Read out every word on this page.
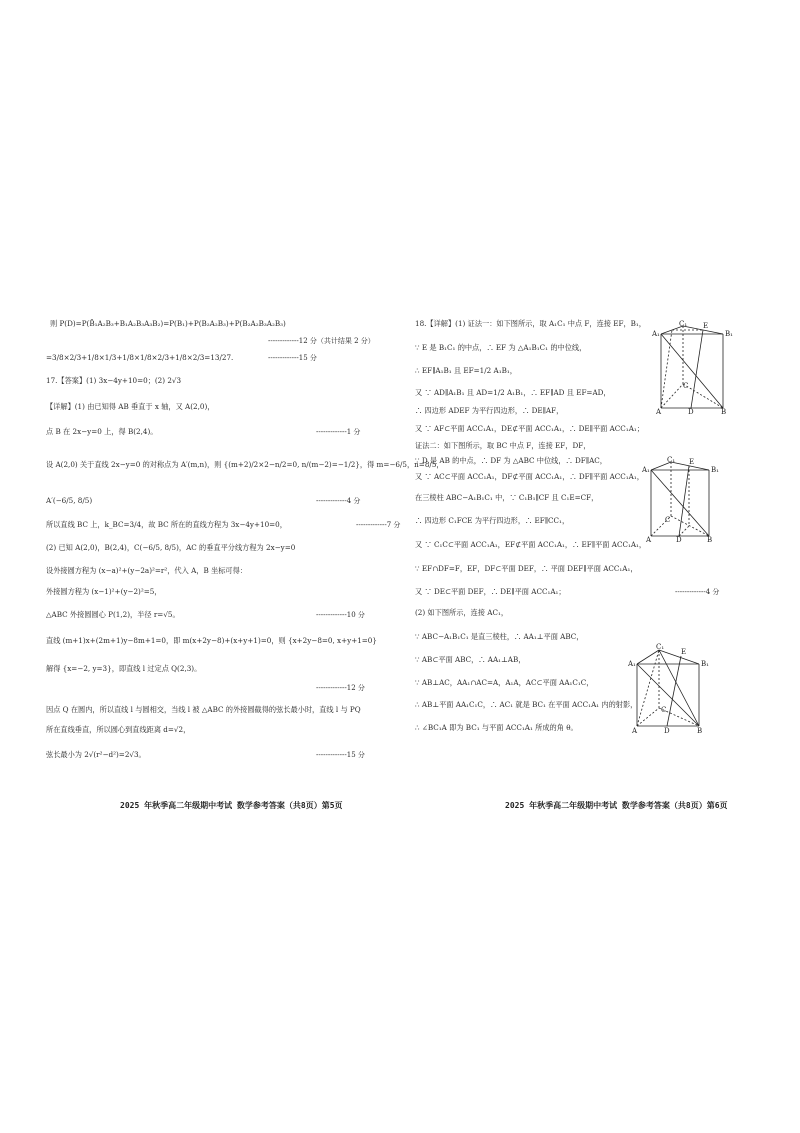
则 P(D)=P(B̄₁A₂B₃+B₁A₂B₃A₃B₂)=P(B₁)+P(B₂A₂B₃)+P(B₂A₂B₃A₂B₃)
-------------12 分（共计结果 2 分）
=3/8×2/3+1/8×1/3+1/8×1/8×2/3+1/8×2/3=13/27.	-------------15 分
17.【答案】(1) 3x−4y+10=0；(2) 2√3
【详解】(1) 由已知得 AB 垂直于 x 轴，又 A(2,0)，
点 B 在 2x−y=0 上，得 B(2,4)。	-------------1 分
设 A(2,0) 关于直线 2x−y=0 的对称点为 A′(m,n)，则 {(m+2)/2×2−n/2=0, n/(m−2)=−1/2}，得 m=−6/5，n=8/5，
A′(−6/5, 8/5)	-------------4 分
所以直线 BC 上，k_BC=3/4，故 BC 所在的直线方程为 3x−4y+10=0，	-------------7 分
(2) 已知 A(2,0)，B(2,4)，C(−6/5, 8/5)，AC 的垂直平分线方程为 2x−y=0
设外接圆方程为 (x−a)²+(y−2a)²=r²，代入 A，B 坐标可得：
外接圆方程为 (x−1)²+(y−2)²=5，
△ABC 外接圆圆心 P(1,2)，半径 r=√5。	-------------10 分
直线 (m+1)x+(2m+1)y−8m+1=0，即 m(x+2y−8)+(x+y+1)=0，则 {x+2y−8=0, x+y+1=0}
解得 {x=−2, y=3}，即直线 l 过定点 Q(2,3)。
-------------12 分
因点 Q 在圆内，所以直线 l 与圆相交，当线 l 被 △ABC 的外接圆截得的弦长最小时，直线 l 与 PQ
所在直线垂直，所以圆心到直线距离 d=√2，
弦长最小为 2√(r²−d²)=2√3。	-------------15 分
2025 年秋季高二年级期中考试 数学参考答案（共8页）第5页
18.【详解】(1) 证法一：如下图所示，取 A₁C₁ 中点 F，连接 EF，B₁，
∵ E 是 B₁C₁ 的中点，∴ EF 为 △A₁B₁C₁ 的中位线，
∴ EF∥A₁B₁ 且 EF=1/2 A₁B₁，
又 ∵ AD∥A₁B₁ 且 AD=1/2 A₁B₁，∴ EF∥AD 且 EF=AD，
∴ 四边形 ADEF 为平行四边形，∴ DE∥AF，
又 ∵ AF⊂平面 ACC₁A₁，DE⊄平面 ACC₁A₁，∴ DE∥平面 ACC₁A₁；
证法二：如下图所示，取 BC 中点 F，连接 EF，DF，
∵ D 是 AB 的中点，∴ DF 为 △ABC 中位线，∴ DF∥AC，
又 ∵ AC⊂平面 ACC₁A₁，DF⊄平面 ACC₁A₁，∴ DF∥平面 ACC₁A₁，
在三棱柱 ABC−A₁B₁C₁ 中，∵ C₁B₁∥CF 且 C₁E=CF，
∴ 四边形 C₁FCE 为平行四边形，∴ EF∥CC₁，
又 ∵ C₁C⊂平面 ACC₁A₁，EF⊄平面 ACC₁A₁，∴ EF∥平面 ACC₁A₁，
∵ EF∩DF=F，EF，DF⊂平面 DEF，∴ 平面 DEF∥平面 ACC₁A₁，
又 ∵ DE⊂平面 DEF，∴ DE∥平面 ACC₁A₁；	-------------4 分
(2) 如下图所示，连接 AC₁，
∵ ABC−A₁B₁C₁ 是直三棱柱，∴ AA₁⊥平面 ABC，
∵ AB⊂平面 ABC，∴ AA₁⊥AB，
∵ AB⊥AC，AA₁∩AC=A，A₁A，AC⊂平面 AA₁C₁C，
∴ AB⊥平面 AA₁C₁C，∴ AC₁ 就是 BC₁ 在平面 ACC₁A₁ 内的射影，
∴ ∠BC₁A 即为 BC₁ 与平面 ACC₁A₁ 所成的角 θ。
2025 年秋季高二年级期中考试 数学参考答案（共8页）第6页
A₁	B₁
C₁ E
C
A	D	B
A₁	B₁
C₁ E
C
A	D	B
A₁	B₁
C₁
E
C
A	D	B
